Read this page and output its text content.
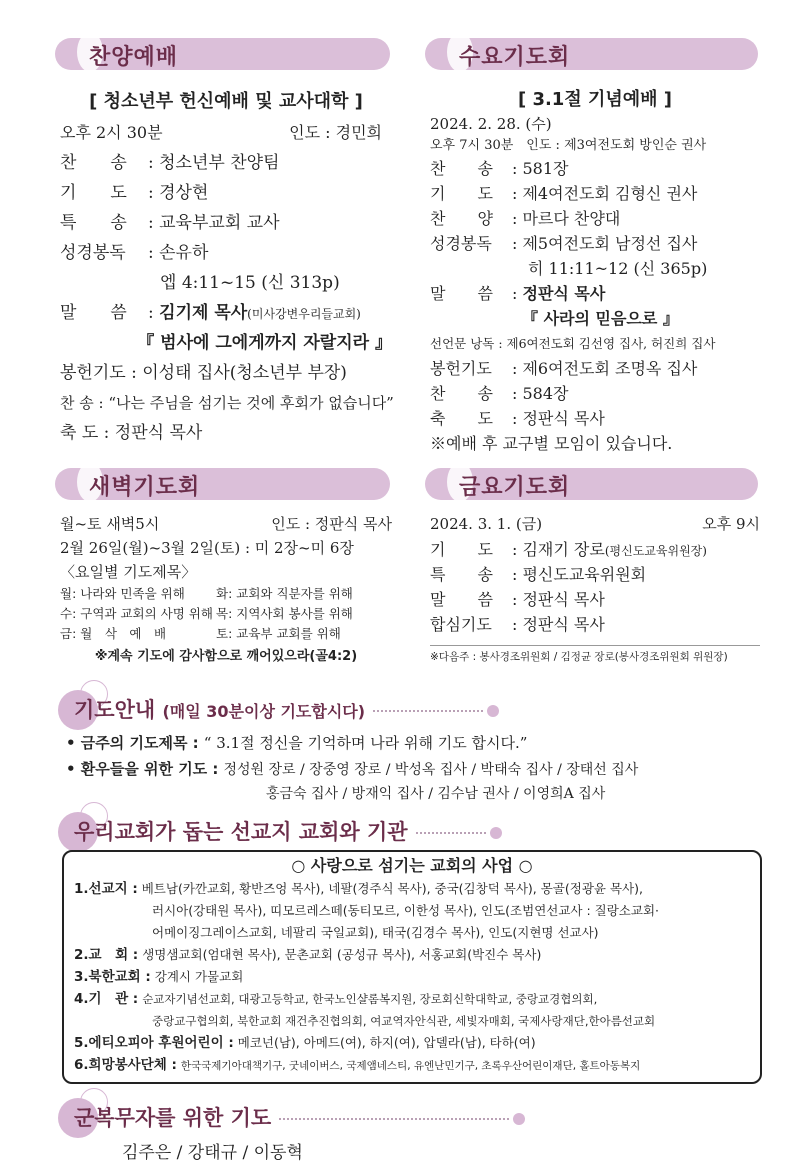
찬양예배	수요기도회
[ 청소년부 헌신예배 및 교사대학 ]
오후 2시 30분	인도 : 경민희
찬　　송 : 청소년부 찬양팀
기　　도 : 경상현
특　　송 : 교육부교회 교사
성경봉독 : 손유하
엡 4:11~15 (신 313p)
말　　씀 : 김기제 목사(미사강변우리들교회)
『 범사에 그에게까지 자랄지라 』
봉헌기도 : 이성태 집사(청소년부 부장)
찬 송 : “나는 주님을 섬기는 것에 후회가 없습니다”
축 도 : 정판식 목사
[ 3.1절 기념예배 ]
2024. 2. 28. (수)
오후 7시 30분　인도 : 제3여전도회 방인순 권사
찬　　송 : 581장
기　　도 : 제4여전도회 김형신 권사
찬　　양 : 마르다 찬양대
성경봉독 : 제5여전도회 남정선 집사
히 11:11~12 (신 365p)
말　　씀 : 정판식 목사
『 사라의 믿음으로 』
선언문 낭독 : 제6여전도회 김선영 집사, 허진희 집사
봉헌기도 : 제6여전도회 조명옥 집사
찬　　송 : 584장
축　　도 : 정판식 목사
※예배 후 교구별 모임이 있습니다.
새벽기도회	금요기도회
월~토 새벽5시	인도 : 정판식 목사
2월 26일(월)~3월 2일(토) : 미 2장~미 6장
〈요일별 기도제목〉
월: 나라와 민족을 위해	화: 교회와 직분자를 위해
수: 구역과 교회의 사명 위해 목: 지역사회 봉사를 위해
금: 월　삭　예　배	토: 교육부 교회를 위해
※계속 기도에 감사함으로 깨어있으라(골4:2)
2024. 3. 1. (금)	오후 9시
기　　도 : 김재기 장로(평신도교육위원장)
특　　송 : 평신도교육위원회
말　　씀 : 정판식 목사
합심기도 : 정판식 목사
※다음주 : 봉사경조위원회 / 김정균 장로(봉사경조위원회 위원장)
기도안내 (매일 30분이상 기도합시다)
• 금주의 기도제목 : “ 3.1절 정신을 기억하며 나라 위해 기도 합시다.”
• 환우들을 위한 기도 : 정성원 장로 / 장중영 장로 / 박성옥 집사 / 박태숙 집사 / 장태선 집사
홍금숙 집사 / 방재익 집사 / 김수남 권사 / 이영희A 집사
우리교회가 돕는 선교지 교회와 기관
○ 사랑으로 섬기는 교회의 사업 ○
1.선교지 : 베트남(카깐교회, 황반즈엉 목사), 네팔(경주식 목사), 중국(김창덕 목사), 몽골(정광윤 목사),
러시아(강태원 목사), 띠모르레스떼(동티모르, 이한성 목사), 인도(조범연선교사 : 질랑소교회·
어메이징그레이스교회, 네팔리 국일교회), 태국(김경수 목사), 인도(지현명 선교사)
2.교　회 : 생명샘교회(엄대현 목사), 문촌교회 (공성규 목사), 서홍교회(박진수 목사)
3.북한교회 : 강계시 가물교회
4.기　관 : 순교자기념선교회, 대광고등학교, 한국노인샬롬복지원, 장로회신학대학교, 중랑교경협의회,
중랑교구협의회, 북한교회 재건추진협의회, 여교역자안식관, 세빛자매회, 국제사랑재단,한아름선교회
5.에티오피아 후원어린이 : 메코넌(남), 아메드(여), 하지(여), 압델라(남), 타하(여)
6.희망봉사단체 : 한국국제기아대책기구, 굿네이버스, 국제앰네스티, 유엔난민기구, 초록우산어린이재단, 홀트아동복지
군복무자를 위한 기도
김주은 / 강태규 / 이동혁
